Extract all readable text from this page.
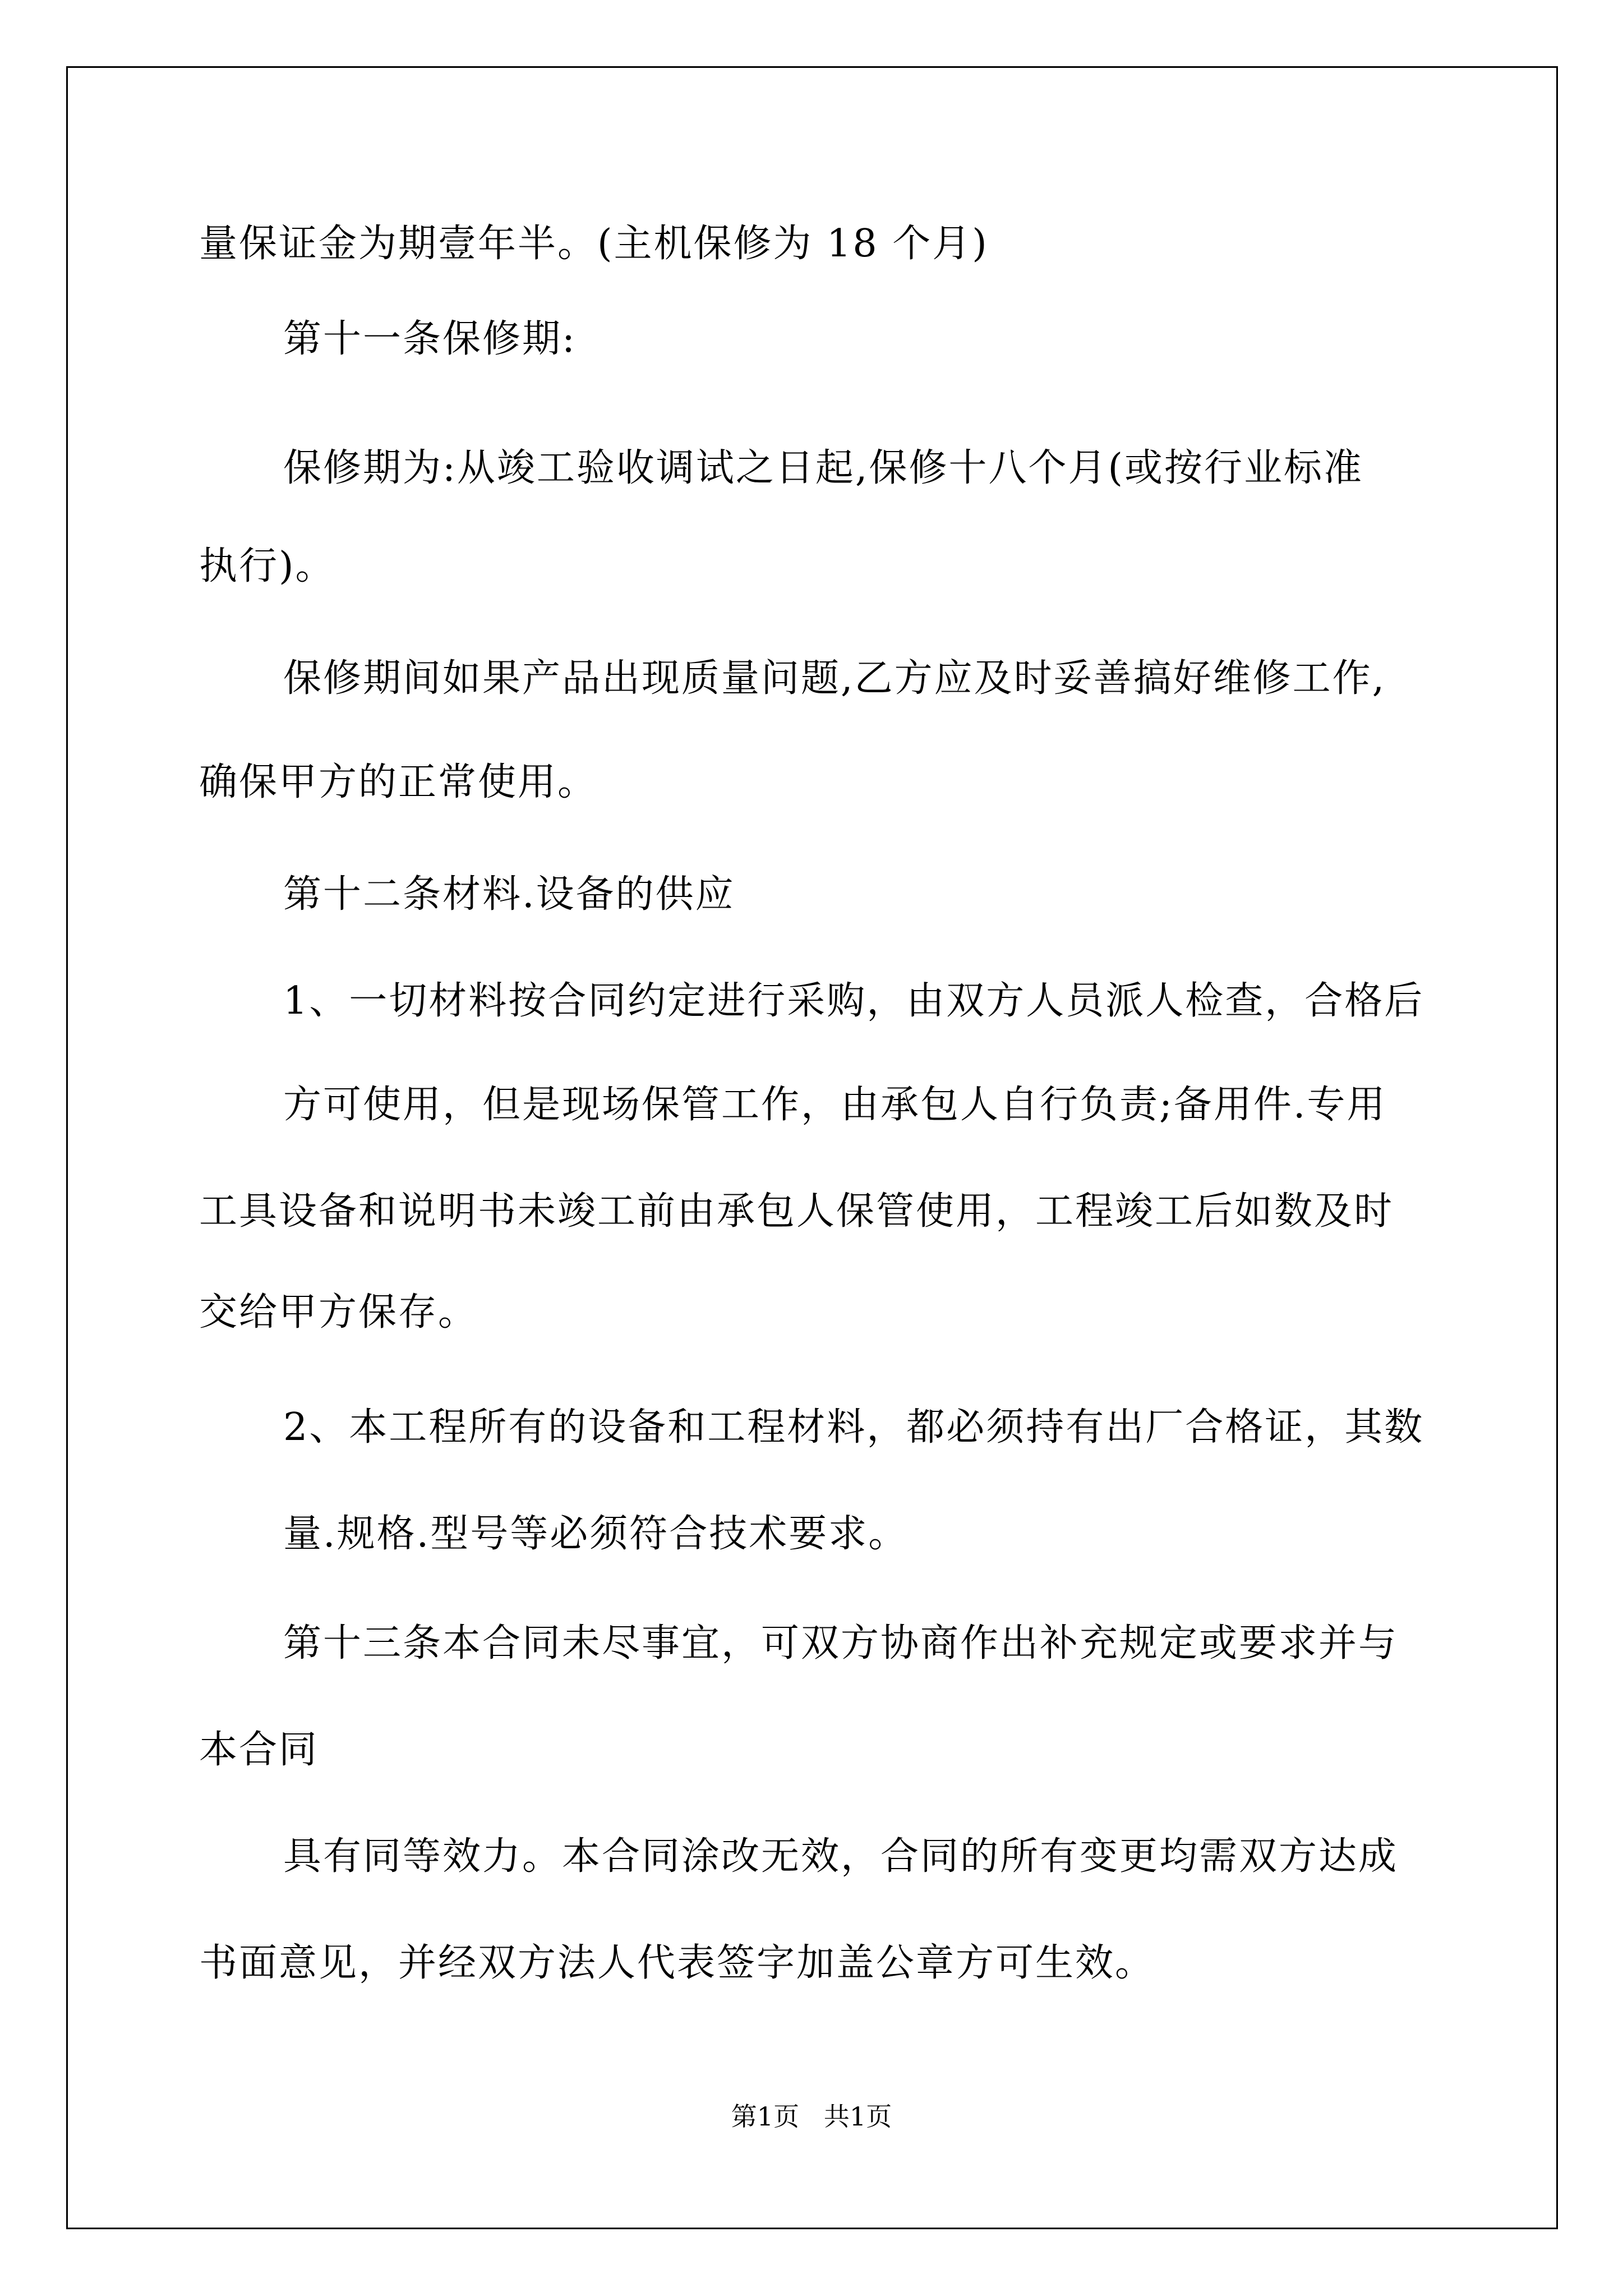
量保证金为期壹年半。(主机保修为 18 个月)
第十一条保修期:
保修期为:从竣工验收调试之日起,保修十八个月(或按行业标准
执行)。
保修期间如果产品出现质量问题,乙方应及时妥善搞好维修工作,
确保甲方的正常使用。
第十二条材料.设备的供应
1、一切材料按合同约定进行采购，由双方人员派人检查，合格后
方可使用，但是现场保管工作，由承包人自行负责;备用件.专用
工具设备和说明书未竣工前由承包人保管使用，工程竣工后如数及时
交给甲方保存。
2、本工程所有的设备和工程材料，都必须持有出厂合格证，其数
量.规格.型号等必须符合技术要求。
第十三条本合同未尽事宜，可双方协商作出补充规定或要求并与
本合同
具有同等效力。本合同涂改无效，合同的所有变更均需双方达成
书面意见，并经双方法人代表签字加盖公章方可生效。
第1页   共1页
